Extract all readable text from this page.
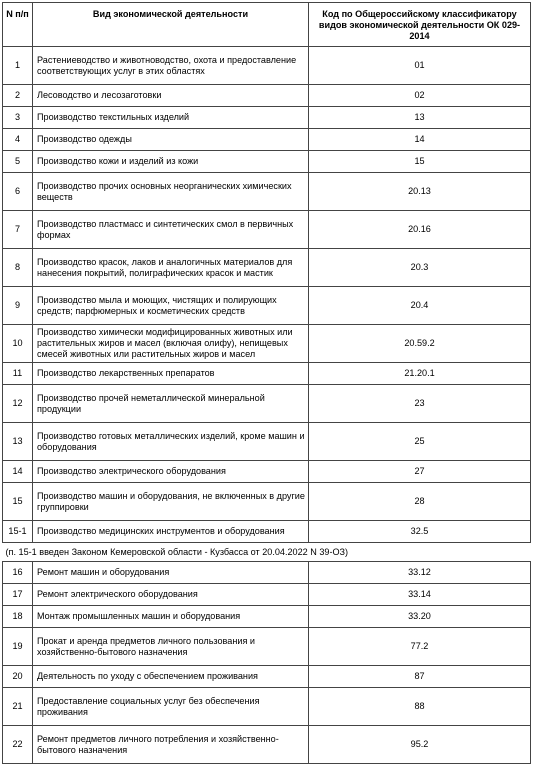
N п/п	Вид экономической деятельности	Код по Общероссийскому классификатору видов экономической деятельности ОК 029-2014
1	Растениеводство и животноводство, охота и предоставление соответствующих услуг в этих областях	01
2	Лесоводство и лесозаготовки	02
3	Производство текстильных изделий	13
4	Производство одежды	14
5	Производство кожи и изделий из кожи	15
6	Производство прочих основных неорганических химических веществ	20.13
7	Производство пластмасс и синтетических смол в первичных формах	20.16
8	Производство красок, лаков и аналогичных материалов для нанесения покрытий, полиграфических красок и мастик	20.3
9	Производство мыла и моющих, чистящих и полирующих средств; парфюмерных и косметических средств	20.4
10	Производство химически модифицированных животных или растительных жиров и масел (включая олифу), непищевых смесей животных или растительных жиров и масел	20.59.2
11	Производство лекарственных препаратов	21.20.1
12	Производство прочей неметаллической минеральной продукции	23
13	Производство готовых металлических изделий, кроме машин и оборудования	25
14	Производство электрического оборудования	27
15	Производство машин и оборудования, не включенных в другие группировки	28
15-1	Производство медицинских инструментов и оборудования	32.5
(п. 15-1 введен Законом Кемеровской области - Кузбасса от 20.04.2022 N 39-ОЗ)		
16	Ремонт машин и оборудования	33.12
17	Ремонт электрического оборудования	33.14
18	Монтаж промышленных машин и оборудования	33.20
19	Прокат и аренда предметов личного пользования и хозяйственно-бытового назначения	77.2
20	Деятельность по уходу с обеспечением проживания	87
21	Предоставление социальных услуг без обеспечения проживания	88
22	Ремонт предметов личного потребления и хозяйственно-бытового назначения	95.2
